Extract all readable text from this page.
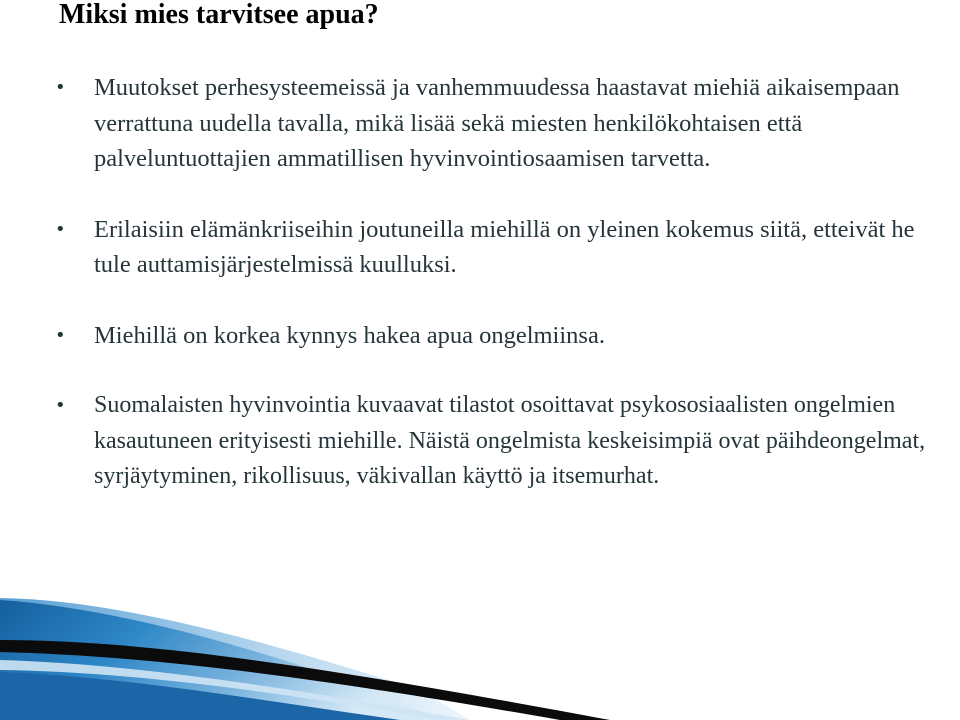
Miksi mies tarvitsee apua?
• Muutokset perhesysteemeissä ja vanhemmuudessa haastavat miehiä aikaisempaan verrattuna uudella tavalla, mikä lisää sekä miesten henkilökohtaisen että palveluntuottajien ammatillisen hyvinvointiosaamisen tarvetta.
• Erilaisiin elämänkriiseihin joutuneilla miehillä on yleinen kokemus siitä, etteivät he tule auttamisjärjestelmissä kuulluksi.
• Miehillä on korkea kynnys hakea apua ongelmiinsa.
• Suomalaisten hyvinvointia kuvaavat tilastot osoittavat psykososiaalisten ongelmien kasautuneen erityisesti miehille. Näistä ongelmista keskeisimpiä ovat päihdeongelmat, syrjäytyminen, rikollisuus, väkivallan käyttö ja itsemurhat.
